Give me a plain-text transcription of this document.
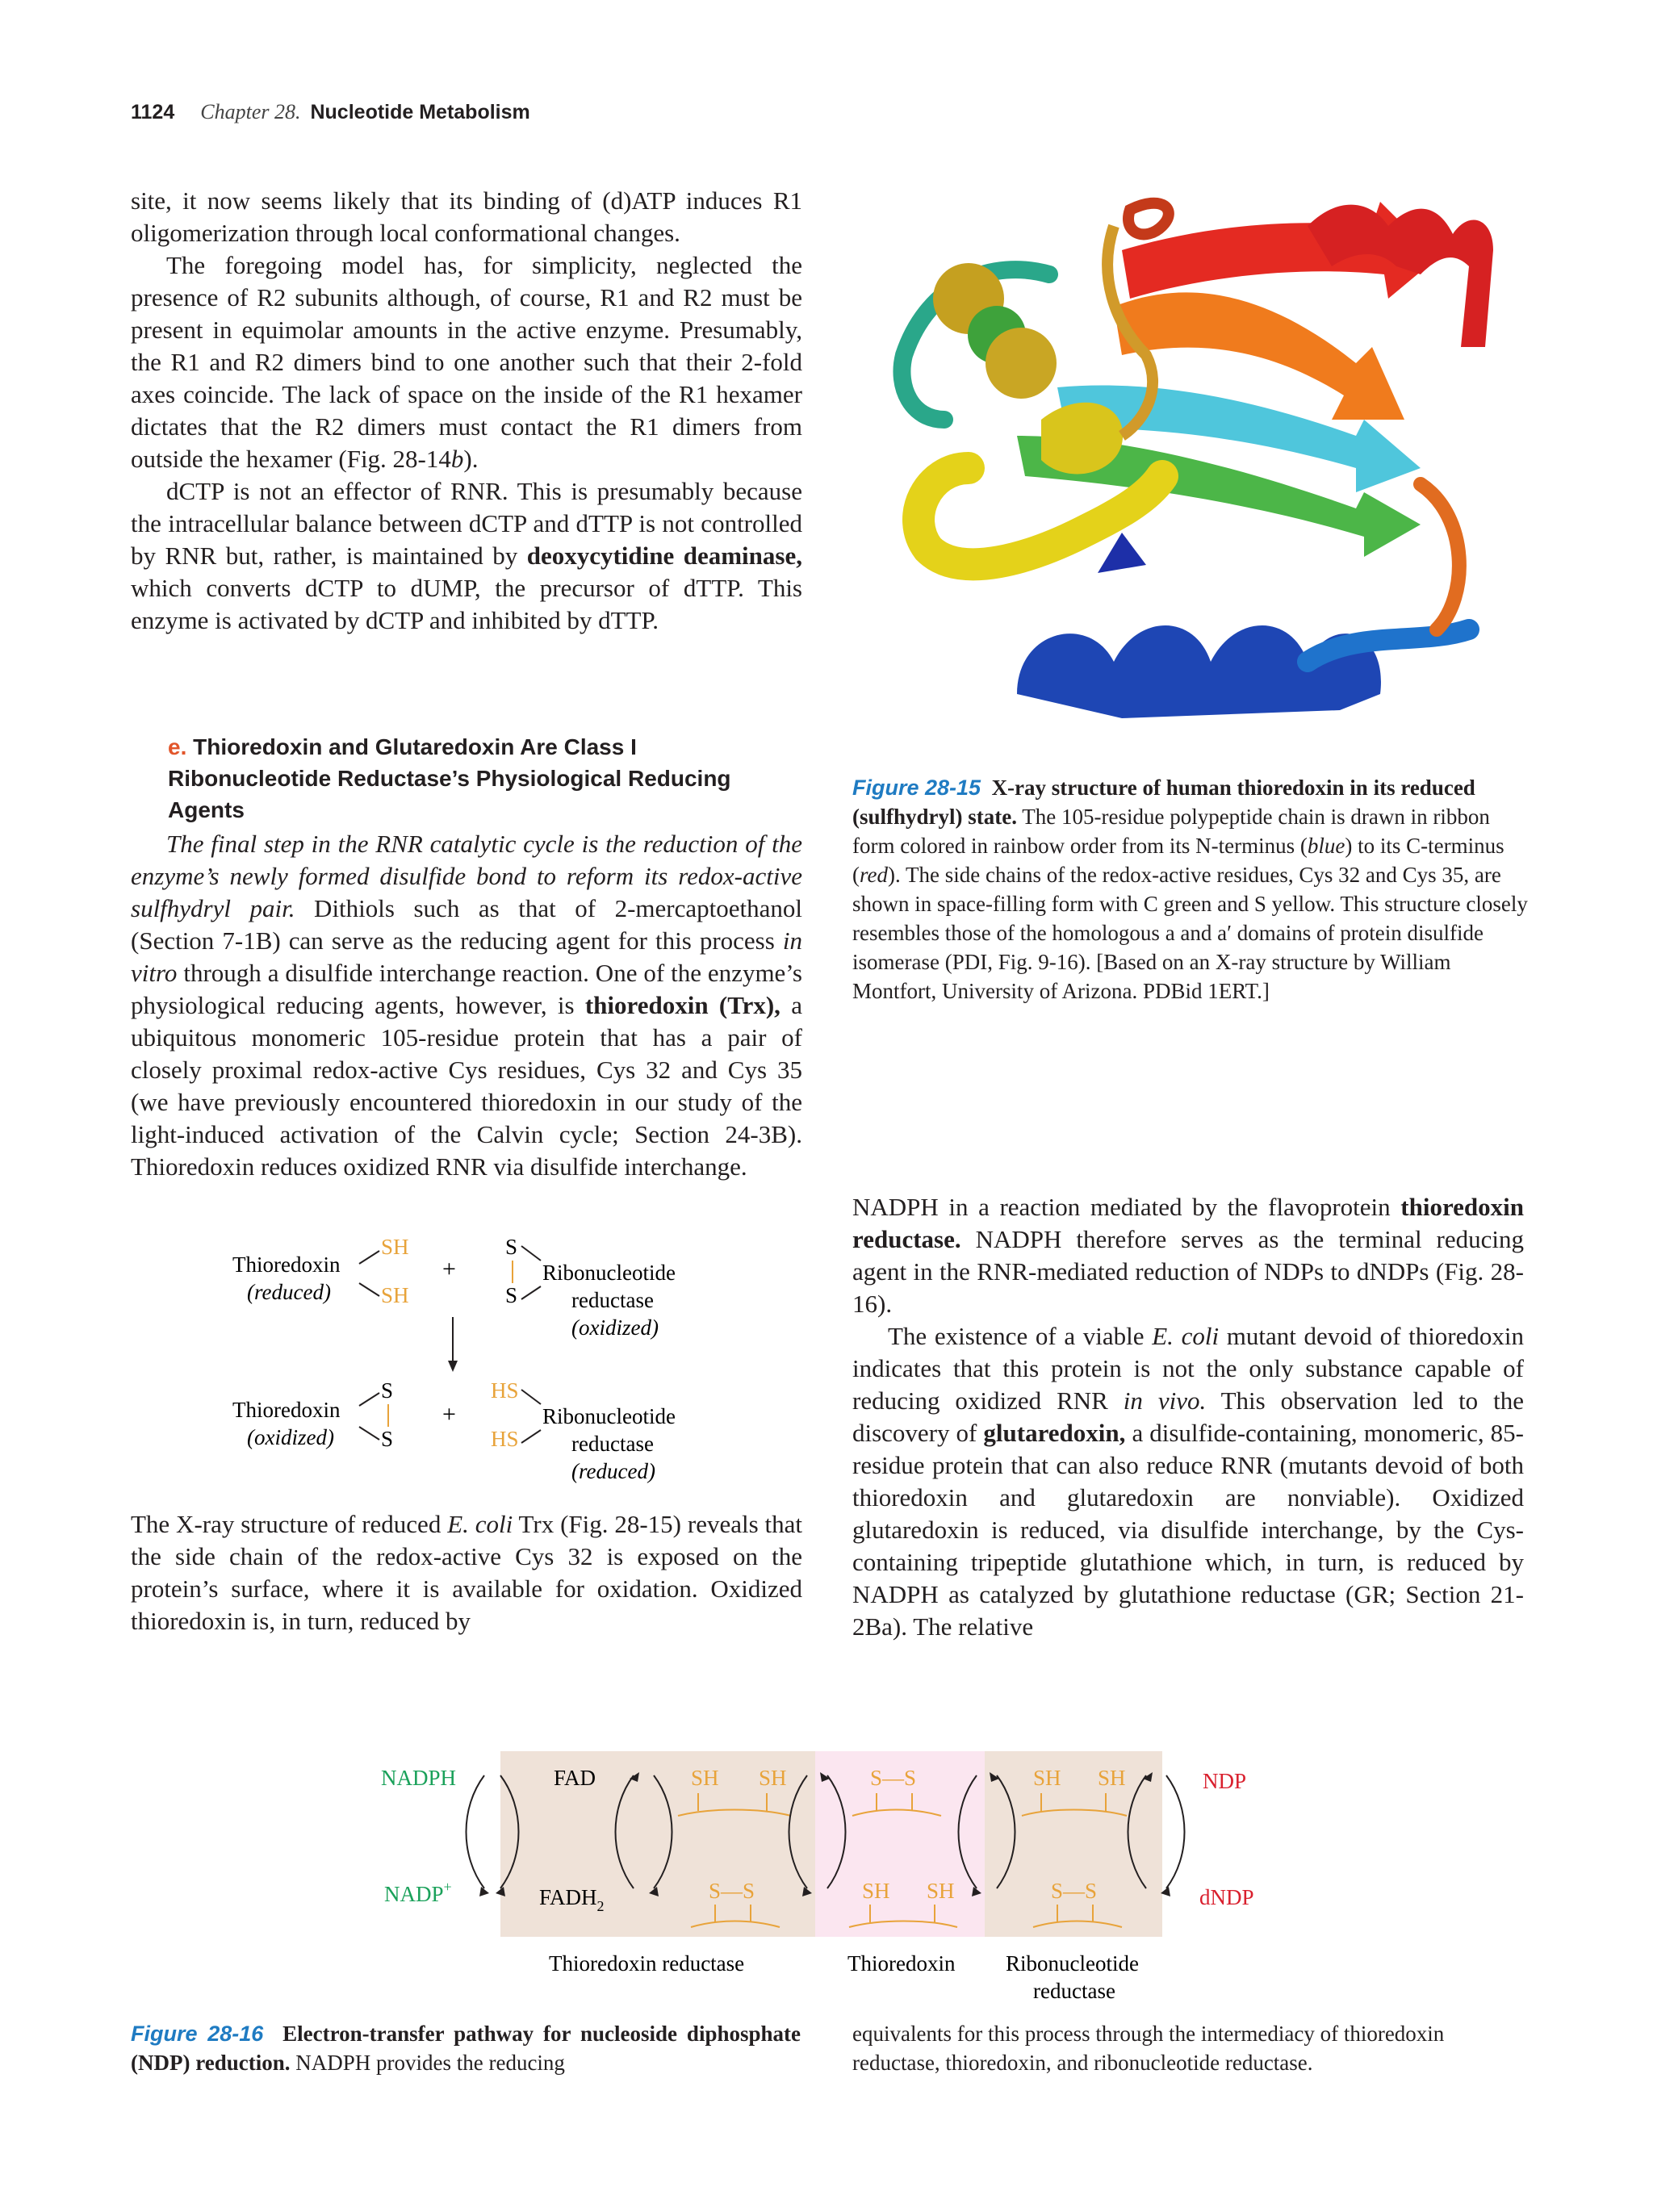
1124 Chapter 28. Nucleotide Metabolism

site, it now seems likely that its binding of (d)ATP induces R1 oligomerization through local conformational changes.

The foregoing model has, for simplicity, neglected the presence of R2 subunits although, of course, R1 and R2 must be present in equimolar amounts in the active enzyme. Presumably, the R1 and R2 dimers bind to one another such that their 2-fold axes coincide. The lack of space on the inside of the R1 hexamer dictates that the R2 dimers must contact the R1 dimers from outside the hexamer (Fig. 28-14b).

dCTP is not an effector of RNR. This is presumably because the intracellular balance between dCTP and dTTP is not controlled by RNR but, rather, is maintained by deoxycytidine deaminase, which converts dCTP to dUMP, the precursor of dTTP. This enzyme is activated by dCTP and inhibited by dTTP.

e. Thioredoxin and Glutaredoxin Are Class I Ribonucleotide Reductase’s Physiological Reducing Agents

The final step in the RNR catalytic cycle is the reduction of the enzyme’s newly formed disulfide bond to reform its redox-active sulfhydryl pair. Dithiols such as that of 2-mercaptoethanol (Section 7-1B) can serve as the reducing agent for this process in vitro through a disulfide interchange reaction. One of the enzyme’s physiological reducing agents, however, is thioredoxin (Trx), a ubiquitous monomeric 105-residue protein that has a pair of closely proximal redox-active Cys residues, Cys 32 and Cys 35 (we have previously encountered thioredoxin in our study of the light-induced activation of the Calvin cycle; Section 24-3B). Thioredoxin reduces oxidized RNR via disulfide interchange.

Thioredoxin
(reduced)
SH
SH
+
S
S
Ribonucleotide
reductase
(oxidized)
S
S
Thioredoxin
(oxidized)
+
HS
HS
Ribonucleotide
reductase
(reduced)

The X-ray structure of reduced E. coli Trx (Fig. 28-15) reveals that the side chain of the redox-active Cys 32 is exposed on the protein’s surface, where it is available for oxidation. Oxidized thioredoxin is, in turn, reduced by

Figure 28-15 X-ray structure of human thioredoxin in its reduced (sulfhydryl) state. The 105-residue polypeptide chain is drawn in ribbon form colored in rainbow order from its N-terminus (blue) to its C-terminus (red). The side chains of the redox-active residues, Cys 32 and Cys 35, are shown in space-filling form with C green and S yellow. This structure closely resembles those of the homologous a and a′ domains of protein disulfide isomerase (PDI, Fig. 9-16). [Based on an X-ray structure by William Montfort, University of Arizona. PDBid 1ERT.]

NADPH in a reaction mediated by the flavoprotein thioredoxin reductase. NADPH therefore serves as the terminal reducing agent in the RNR-mediated reduction of NDPs to dNDPs (Fig. 28-16).

The existence of a viable E. coli mutant devoid of thioredoxin indicates that this protein is not the only substance capable of reducing oxidized RNR in vivo. This observation led to the discovery of glutaredoxin, a disulfide-containing, monomeric, 85-residue protein that can also reduce RNR (mutants devoid of both thioredoxin and glutaredoxin are nonviable). Oxidized glutaredoxin is reduced, via disulfide interchange, by the Cys-containing tripeptide glutathione which, in turn, is reduced by NADPH as catalyzed by glutathione reductase (GR; Section 21-2Ba). The relative

NADPH
NADP+
FAD
$FADH_2$
SH SH
S—S
S—S
SH SH
SH SH
S—S
NDP
dNDP
Thioredoxin reductase	Thioredoxin Ribonucleotide
reductase
Figure 28-16 Electron-transfer pathway for nucleoside diphosphate (NDP) reduction. NADPH provides the reducing
equivalents for this process through the intermediacy of thioredoxin reductase, thioredoxin, and ribonucleotide reductase.
